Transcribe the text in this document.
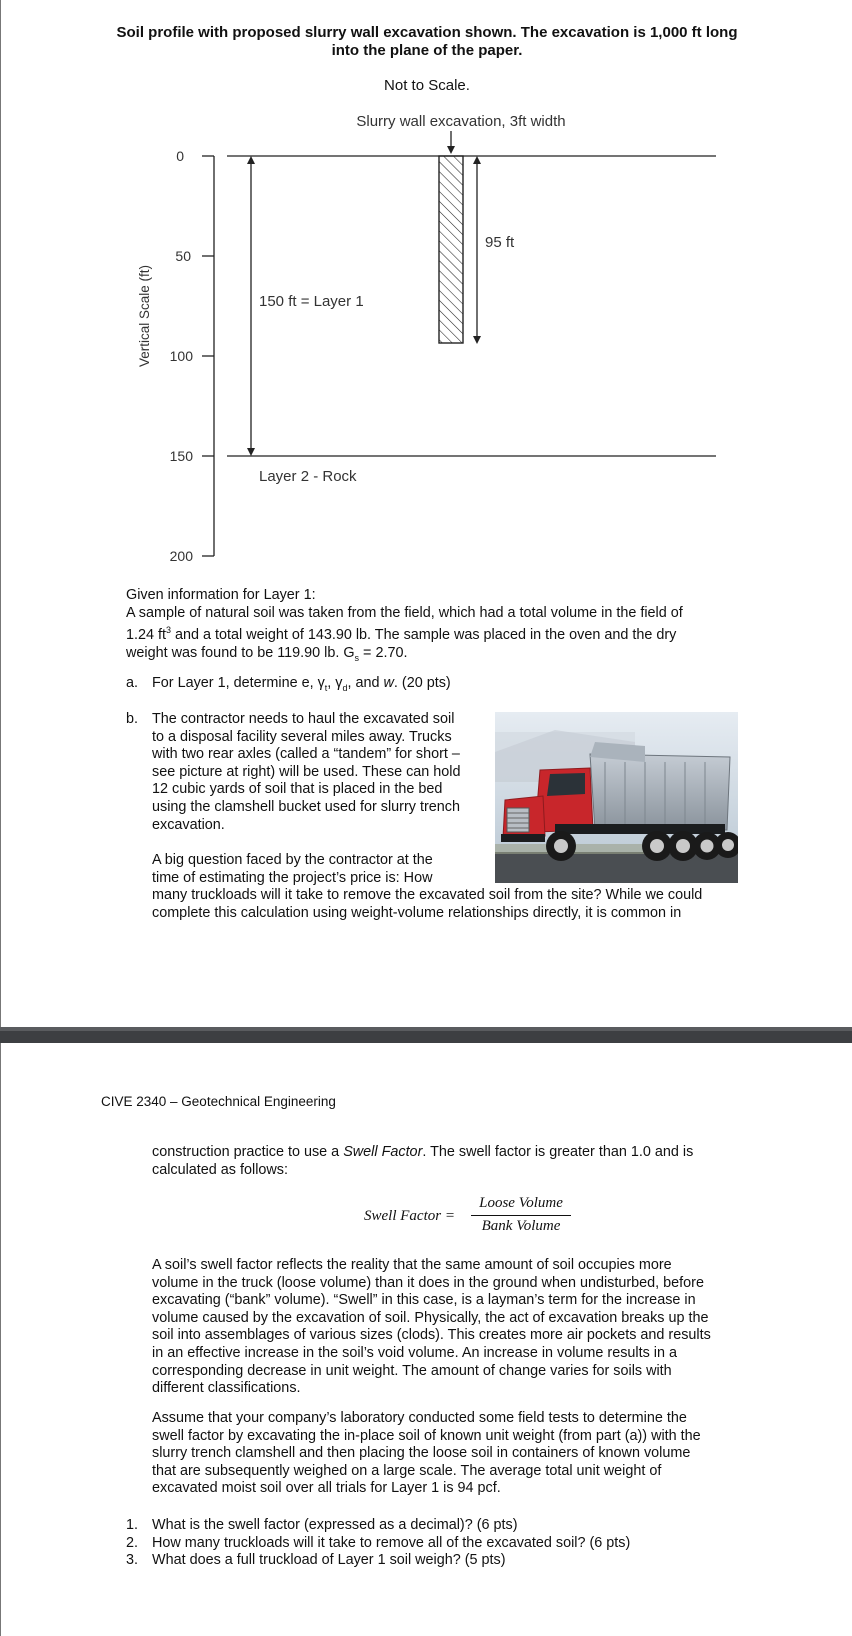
Soil profile with proposed slurry wall excavation shown. The excavation is 1,000 ft long
into the plane of the paper.
Not to Scale.
Slurry wall excavation, 3ft width
Vertical Scale (ft)
0
50
100
150
200
150 ft = Layer 1
Layer 2 - Rock
95 ft
Given information for Layer 1:
A sample of natural soil was taken from the field, which had a total volume in the field of
1.24 $ft^3$ and a total weight of 143.90 lb. The sample was placed in the oven and the dry
weight was found to be 119.90 lb. $G_s = 2.70$.
a. For Layer 1, determine e, $\gamma_t$, $\gamma_d$, and w. (20 pts)
b. The contractor needs to haul the excavated soil
to a disposal facility several miles away. Trucks
with two rear axles (called a “tandem” for short –
see picture at right) will be used. These can hold
12 cubic yards of soil that is placed in the bed
using the clamshell bucket used for slurry trench
excavation.
A big question faced by the contractor at the
time of estimating the project’s price is: How
many truckloads will it take to remove the excavated soil from the site? While we could
complete this calculation using weight-volume relationships directly, it is common in
CIVE 2340 – Geotechnical Engineering
construction practice to use a Swell Factor. The swell factor is greater than 1.0 and is
calculated as follows:
Swell Factor =
Loose Volume
Bank Volume
A soil’s swell factor reflects the reality that the same amount of soil occupies more
volume in the truck (loose volume) than it does in the ground when undisturbed, before
excavating (“bank” volume). “Swell” in this case, is a layman’s term for the increase in
volume caused by the excavation of soil. Physically, the act of excavation breaks up the
soil into assemblages of various sizes (clods). This creates more air pockets and results
in an effective increase in the soil’s void volume. An increase in volume results in a
corresponding decrease in unit weight. The amount of change varies for soils with
different classifications.
Assume that your company’s laboratory conducted some field tests to determine the
swell factor by excavating the in-place soil of known unit weight (from part (a)) with the
slurry trench clamshell and then placing the loose soil in containers of known volume
that are subsequently weighed on a large scale. The average total unit weight of
excavated moist soil over all trials for Layer 1 is 94 pcf.
1. What is the swell factor (expressed as a decimal)? (6 pts)
2. How many truckloads will it take to remove all of the excavated soil? (6 pts)
3. What does a full truckload of Layer 1 soil weigh? (5 pts)
